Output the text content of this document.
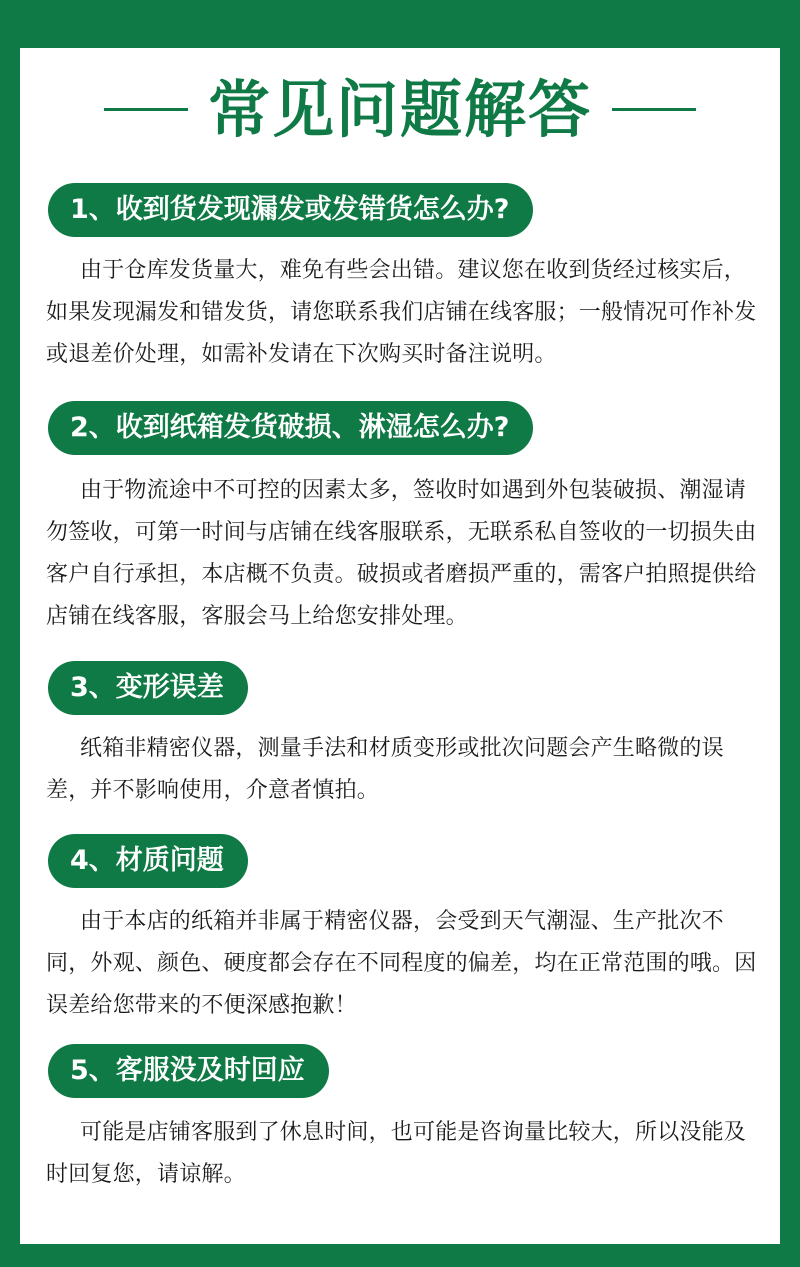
常见问题解答
1、收到货发现漏发或发错货怎么办?

由于仓库发货量大，难免有些会出错。建议您在收到货经过核实后，如果发现漏发和错发货，请您联系我们店铺在线客服；一般情况可作补发或退差价处理，如需补发请在下次购买时备注说明。

2、收到纸箱发货破损、淋湿怎么办?

由于物流途中不可控的因素太多，签收时如遇到外包装破损、潮湿请勿签收，可第一时间与店铺在线客服联系，无联系私自签收的一切损失由客户自行承担，本店概不负责。破损或者磨损严重的，需客户拍照提供给店铺在线客服，客服会马上给您安排处理。

3、变形误差

纸箱非精密仪器，测量手法和材质变形或批次问题会产生略微的误差，并不影响使用，介意者慎拍。

4、材质问题

由于本店的纸箱并非属于精密仪器，会受到天气潮湿、生产批次不同，外观、颜色、硬度都会存在不同程度的偏差，均在正常范围的哦。因误差给您带来的不便深感抱歉！

5、客服没及时回应

可能是店铺客服到了休息时间，也可能是咨询量比较大，所以没能及时回复您，请谅解。
